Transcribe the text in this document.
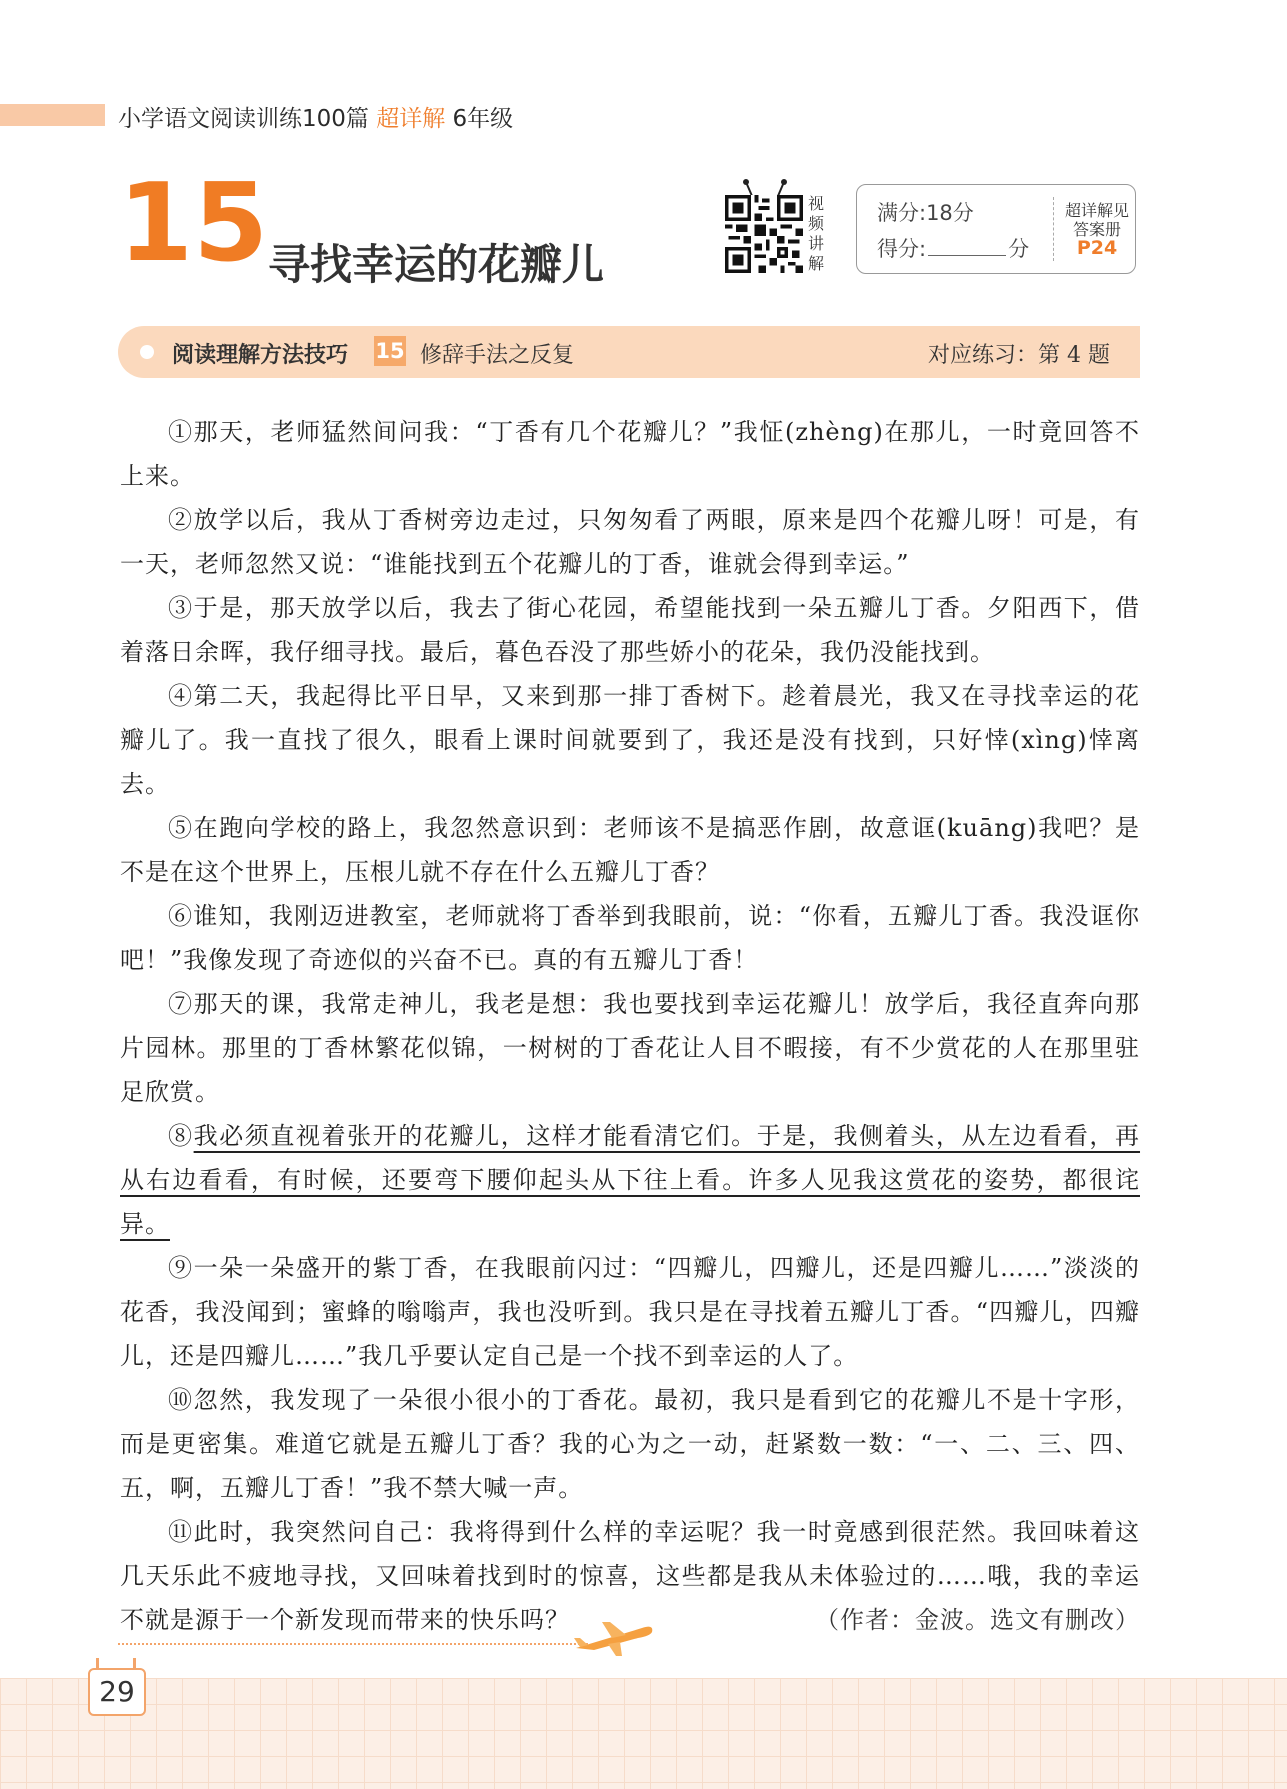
小学语文阅读训练100篇 超详解 6年级
15 寻找幸运的花瓣儿
视
频
讲
解
满分:18分
得分:	分
超详解见
答案册
P24
阅读理解方法技巧 15 修辞手法之反复	对应练习：第 4 题

①那天，老师猛然间问我：“丁香有几个花瓣儿？”我怔(zhèng)在那儿，一时竟回答不上来。

②放学以后，我从丁香树旁边走过，只匆匆看了两眼，原来是四个花瓣儿呀！可是，有一天，老师忽然又说：“谁能找到五个花瓣儿的丁香，谁就会得到幸运。”

③于是，那天放学以后，我去了街心花园，希望能找到一朵五瓣儿丁香。夕阳西下，借着落日余晖，我仔细寻找。最后，暮色吞没了那些娇小的花朵，我仍没能找到。

④第二天，我起得比平日早，又来到那一排丁香树下。趁着晨光，我又在寻找幸运的花瓣儿了。我一直找了很久，眼看上课时间就要到了，我还是没有找到，只好悻(xìng)悻离去。

⑤在跑向学校的路上，我忽然意识到：老师该不是搞恶作剧，故意诓(kuāng)我吧？是不是在这个世界上，压根儿就不存在什么五瓣儿丁香？

⑥谁知，我刚迈进教室，老师就将丁香举到我眼前，说：“你看，五瓣儿丁香。我没诓你吧！”我像发现了奇迹似的兴奋不已。真的有五瓣儿丁香！

⑦那天的课，我常走神儿，我老是想：我也要找到幸运花瓣儿！放学后，我径直奔向那片园林。那里的丁香林繁花似锦，一树树的丁香花让人目不暇接，有不少赏花的人在那里驻足欣赏。

⑧我必须直视着张开的花瓣儿，这样才能看清它们。于是，我侧着头，从左边看看，再从右边看看，有时候，还要弯下腰仰起头从下往上看。许多人见我这赏花的姿势，都很诧异。

⑨一朵一朵盛开的紫丁香，在我眼前闪过：“四瓣儿，四瓣儿，还是四瓣儿……”淡淡的花香，我没闻到；蜜蜂的嗡嗡声，我也没听到。我只是在寻找着五瓣儿丁香。“四瓣儿，四瓣儿，还是四瓣儿……”我几乎要认定自己是一个找不到幸运的人了。

⑩忽然，我发现了一朵很小很小的丁香花。最初，我只是看到它的花瓣儿不是十字形，而是更密集。难道它就是五瓣儿丁香？我的心为之一动，赶紧数一数：“一、二、三、四、五，啊，五瓣儿丁香！”我不禁大喊一声。

⑪此时，我突然问自己：我将得到什么样的幸运呢？我一时竟感到很茫然。我回味着这几天乐此不疲地寻找，又回味着找到时的惊喜，这些都是我从未体验过的……哦，我的幸运不就是源于一个新发现而带来的快乐吗？	（作者：金波。选文有删改）

29
